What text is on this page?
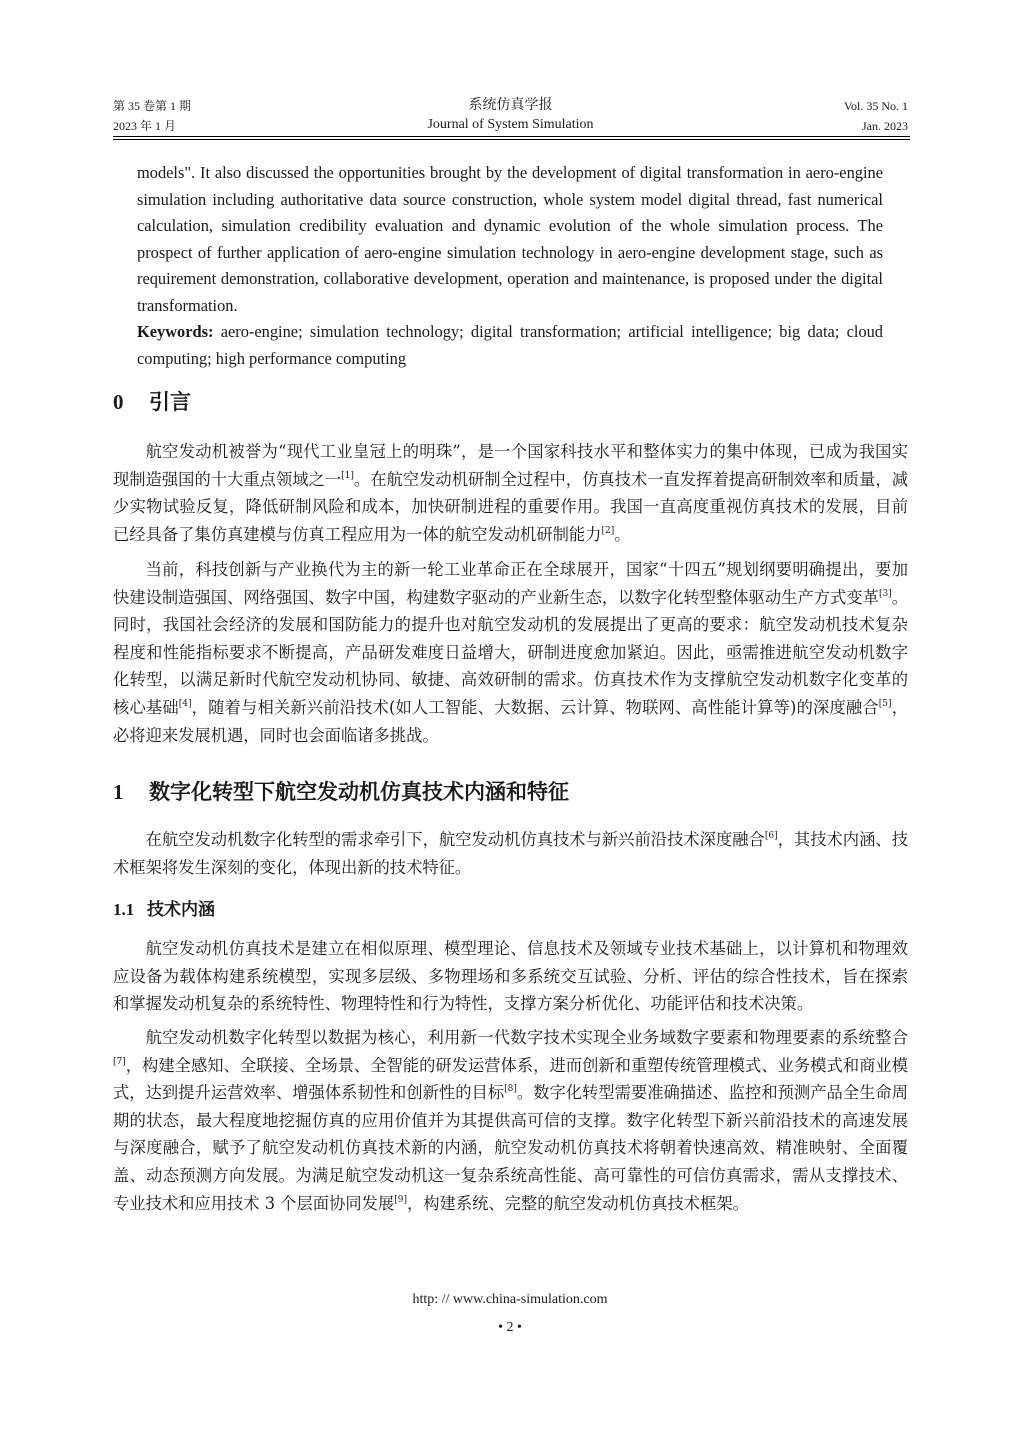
第 35 卷第 1 期
2023 年 1 月
系统仿真学报
Journal of System Simulation
Vol. 35 No. 1
Jan. 2023

models". It also discussed the opportunities brought by the development of digital transformation in aero-engine simulation including authoritative data source construction, whole system model digital thread, fast numerical calculation, simulation credibility evaluation and dynamic evolution of the whole simulation process. The prospect of further application of aero-engine simulation technology in aero-engine development stage, such as requirement demonstration, collaborative development, operation and maintenance, is proposed under the digital transformation.

Keywords: aero-engine; simulation technology; digital transformation; artificial intelligence; big data; cloud computing; high performance computing

0 引言

航空发动机被誉为“现代工业皇冠上的明珠”，是一个国家科技水平和整体实力的集中体现，已成为我国实现制造强国的十大重点领域之一[1]。在航空发动机研制全过程中，仿真技术一直发挥着提高研制效率和质量，减少实物试验反复，降低研制风险和成本，加快研制进程的重要作用。我国一直高度重视仿真技术的发展，目前已经具备了集仿真建模与仿真工程应用为一体的航空发动机研制能力[2]。

当前，科技创新与产业换代为主的新一轮工业革命正在全球展开，国家“十四五”规划纲要明确提出，要加快建设制造强国、网络强国、数字中国，构建数字驱动的产业新生态，以数字化转型整体驱动生产方式变革[3]。同时，我国社会经济的发展和国防能力的提升也对航空发动机的发展提出了更高的要求：航空发动机技术复杂程度和性能指标要求不断提高，产品研发难度日益增大，研制进度愈加紧迫。因此，亟需推进航空发动机数字化转型，以满足新时代航空发动机协同、敏捷、高效研制的需求。仿真技术作为支撑航空发动机数字化变革的核心基础[4]，随着与相关新兴前沿技术(如人工智能、大数据、云计算、物联网、高性能计算等)的深度融合[5]，必将迎来发展机遇，同时也会面临诸多挑战。

1 数字化转型下航空发动机仿真技术内涵和特征

在航空发动机数字化转型的需求牵引下，航空发动机仿真技术与新兴前沿技术深度融合[6]，其技术内涵、技术框架将发生深刻的变化，体现出新的技术特征。

1.1 技术内涵

航空发动机仿真技术是建立在相似原理、模型理论、信息技术及领域专业技术基础上，以计算机和物理效应设备为载体构建系统模型，实现多层级、多物理场和多系统交互试验、分析、评估的综合性技术，旨在探索和掌握发动机复杂的系统特性、物理特性和行为特性，支撑方案分析优化、功能评估和技术决策。

航空发动机数字化转型以数据为核心，利用新一代数字技术实现全业务域数字要素和物理要素的系统整合[7]，构建全感知、全联接、全场景、全智能的研发运营体系，进而创新和重塑传统管理模式、业务模式和商业模式，达到提升运营效率、增强体系韧性和创新性的目标[8]。数字化转型需要准确描述、监控和预测产品全生命周期的状态，最大程度地挖掘仿真的应用价值并为其提供高可信的支撑。数字化转型下新兴前沿技术的高速发展与深度融合，赋予了航空发动机仿真技术新的内涵，航空发动机仿真技术将朝着快速高效、精准映射、全面覆盖、动态预测方向发展。为满足航空发动机这一复杂系统高性能、高可靠性的可信仿真需求，需从支撑技术、专业技术和应用技术 3 个层面协同发展[9]，构建系统、完整的航空发动机仿真技术框架。

http: // www.china-simulation.com
• 2 •
